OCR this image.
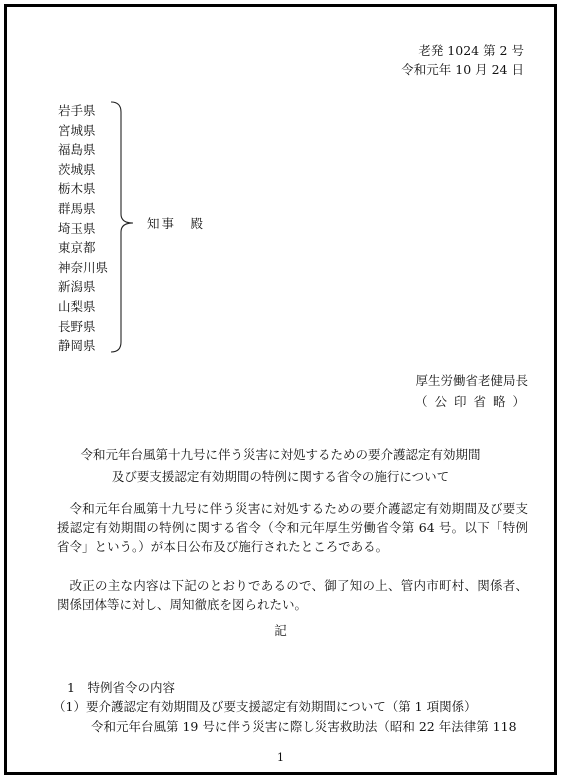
老発 1024 第 2 号
令和元年 10 月 24 日
岩手県
宮城県
福島県
茨城県
栃木県
群馬県
埼玉県
東京都
神奈川県
新潟県
山梨県
長野県
静岡県
知事　殿
厚生労働省老健局長
（公印省略）
令和元年台風第十九号に伴う災害に対処するための要介護認定有効期間
及び要支援認定有効期間の特例に関する省令の施行について

令和元年台風第十九号に伴う災害に対処するための要介護認定有効期間及び要支援認定有効期間の特例に関する省令（令和元年厚生労働省令第 64 号。以下「特例省令」という。）が本日公布及び施行されたところである。

改正の主な内容は下記のとおりであるので、御了知の上、管内市町村、関係者、関係団体等に対し、周知徹底を図られたい。

記
1　特例省令の内容
（1）要介護認定有効期間及び要支援認定有効期間について（第 1 項関係）
令和元年台風第 19 号に伴う災害に際し災害救助法（昭和 22 年法律第 118
1
